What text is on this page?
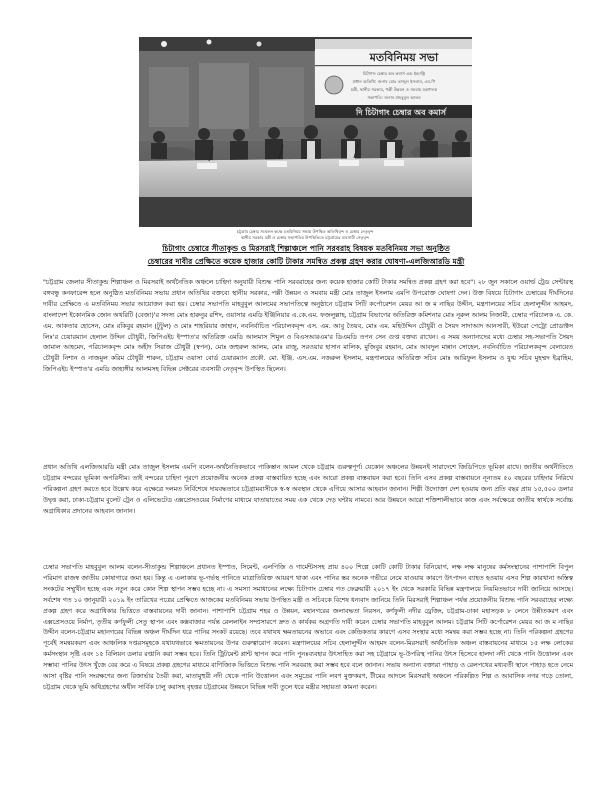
মতবিনিময় সভা
চিটাগাং চেম্বার অব কমার্স এন্ড ইন্ডাস্ট্রি
প্রধান অতিথি: জনাব মোঃ তাজুল ইসলাম, এম.পি
মন্ত্রী, স্থানীয় সরকার, পল্লী উন্নয়ন ও সমবায় মন্ত্রণালয়
সভাপতি: জনাব মাহবুবুল আলম
দি চিটাগাং চেম্বার অব কমার্স
চট্টগ্রাম চেম্বার সম্মেলন কক্ষে মতবিনিময় সভায় উপস্থিত অতিথিবৃন্দ ও চেম্বার নেতৃবৃন্দ
স্থানীয় সরকার মন্ত্রী ও চেম্বার সভাপতির উপস্থিতিতে চট্টগ্রামের ব্যবসায়ী নেতৃবৃন্দ
চিটাগাং চেম্বারে সীতাকুন্ড ও মিরসরাই শিল্পাঞ্চলে পানি সরবরাহ বিষয়ক মতবিনিময় সভা অনুষ্ঠিত
চেম্বারের দাবীর প্রেক্ষিতে কয়েক হাজার কোটি টাকার সমন্বিত প্রকল্প গ্রহণ করার ঘোষণা-এলজিআরডি মন্ত্রী
"চট্টগ্রাম জেলার সীতাকুন্ড শিল্পাঞ্চল ও মিরসরাই অর্থনৈতিক অঞ্চলে চাহিদা অনুযায়ী বিশুদ্ধ পানি সরবরাহের জন্য কয়েক হাজার কোটি টাকার সমন্বিত প্রকল্প গ্রহণ করা হবে"। ২৮ জুন সকালে ওয়ার্ল্ড ট্রেড সেন্টারস্থ বঙ্গবন্ধু কনফারেন্স হলে অনুষ্ঠিত মতবিনিময় সভায় প্রধান অতিথির বক্তব্যে স্থানীয় সরকার, পল্লী উন্নয়ন ও সমবায় মন্ত্রী মোঃ তাজুল ইসলাম এমপি উপরোক্ত ঘোষণা দেন। উক্ত বিষয়ে চিটাগাং চেম্বারের দীর্ঘদিনের দাবীর প্রেক্ষিতে এ মতবিনিময় সভার আয়োজন করা হয়। চেম্বার সভাপতি মাহবুবুল আলমের সভাপতিত্বে অনুষ্ঠানে চট্টগ্রাম সিটি কর্পোরেশন মেয়র আ জ ম নাছির উদ্দীন, মন্ত্রণালয়ের সচিব হেলালুদ্দীন আহমদ, বাংলাদেশ ইকোনমিক জোন অথরিটি (বেজা)'র সদস্য মোঃ হারুনুর রশিদ, ওয়াসার এমডি ইঞ্জিনিয়ার এ.কে.এম. ফজলুল্লাহ, চট্টগ্রাম বিভাগের অতিরিক্ত কমিশনার মোঃ নূরুল আলম নিজামী, চেম্বার পরিচালক এ. কে. এম. আকতার হোসেন, মোঃ রকিবুর রহমান (টুটুল) ও মোঃ শাহরিয়ার জাহান, নবনির্বাচিত পরিচালকবৃন্দ এস. এম. আবু তৈয়ব, মোঃ এম. মহিউদ্দিন চৌধুরী ও সৈয়দ সাদাআদ আনসারী, ইউরো পেট্রো প্রোডাক্টস লিঃ'র চেয়ারম্যান হেলাল উদ্দিন চৌধুরী, জিপিএইচ ইস্পাত'র অতিরিক্ত এমডি আলমাস শিমুল ও বিএসআরএম'র ডিএমডি তপন সেন গুপ্ত বক্তব্য রাখেন। এ সময় অন্যান্যদের মধ্যে চেম্বার সহ-সভাপতি সৈয়দ জামাল আহমেদ, পরিচালকবৃন্দ মোঃ অহীদ সিরাজ চৌধুরী (স্বপন), মোঃ জহুরুল আলম, মোঃ রাজু, সরওয়ার হাসান মালিক, মুজিবুর রহমান, মোঃ আবদুল মান্নান সোহেল, নবনির্বাচিত পরিচালকবৃন্দ বেলায়েত চৌধুরী নিশান ও নাজমুল করিম চৌধুরী শারুন, চট্টগ্রাম ওয়াসা বোর্ড চেয়ারম্যান প্রকৌ. মো. ইঞ্জি. এস.এম. নজরুল ইসলাম, মন্ত্রণালয়ের অতিরিক্ত সচিব মোঃ আরিফুল ইসলাম ও যুগ্ম সচিব মুহম্মদ ইব্রাহিম, জিপিএইচ ইস্পাত'র এমডি জাহাঙ্গীর আলমসহ বিভিন্ন সেক্টরের ব্যবসায়ী নেতৃবৃন্দ উপস্থিত ছিলেন।
প্রধান অতিথি এলজিআরডি মন্ত্রী মোঃ তাজুল ইসলাম এমপি বলেন-অর্থনৈতিকভাবে পাকিস্তান আমল থেকে চট্টগ্রাম গুরুত্বপূর্ণ। যেকোন অঞ্চলের উন্নয়নই সারাদেশে জিডিপিতে ভূমিকা রাখে। জাতীয় অর্থনীতিতে চট্টগ্রাম বন্দরের ভূমিকা অপরিসীম। তাই বন্দরের চাহিদা পূরণে প্রয়োজনীয় অনেক প্রকল্প বাস্তবায়িত হচ্ছে এবং আরো প্রকল্প বাস্তবায়ন করা হবে। তিনি এসব প্রকল্প বাস্তবায়নে নূন্যতম ৫০ বছরের চাহিদার নিরিখে পরিকল্পনা গ্রহণ করতে হবে উল্লেখ করে এক্ষেত্রে দলমত নির্বিশেষে দায়বদ্ধতাবে চট্টগ্রামবাসীকে স্ব-স্ব অবস্থান থেকে এগিয়ে আসার আহবান জানান। শিল্পী উদ্যোক্তা দেশ হওয়ায় জন্য প্রতি বছর প্রায় ১৫,৫০০ ডলার উদ্বৃত্ত করা, ঢাকা-চট্টগ্রাম বুলেট ট্রেন ও এলিভেটেড এক্সপ্রেসওয়ের নির্মাণের মাধ্যমে যাতায়াতের সময় এক থেকে দেড় ঘন্টায় নামবে। আর উন্নয়নে আরো শক্তিশালীভাবে কাজ এবং সর্বক্ষেত্রে জাতীয় স্বার্থকে সর্বোচ্চ অগ্রাধিকার প্রদানের আহবান জানান।
চেম্বার সভাপতি মাহবুবুল আলম বলেন-সীতাকুন্ড শিল্পাঞ্চলে প্রধানত ইস্পাত, সিমেন্ট, এলপিজি ও গার্মেন্টসসহ প্রায় ৪০০ শিল্পে কোটি কোটি টাকার বিনিয়োগ, লক্ষ লক্ষ মানুষের কর্মসংস্থানের পাশাপাশি বিপুল পরিমাণ রাজস্ব জাতীয় কোষাগারে জমা হয়। কিন্তু এ এলাকায় ভূ-গর্ভস্থ পানিতে মাত্রাতিরিক্ত আয়রণ থাকা এবং পানির স্তর অনেক গভীরে নেমে যাওয়ায় কারণে উৎপাদন ব্যাহত হওয়ায় এসব শিল্প কারখানা অস্তিত্ব সংকটের সম্মুখীন হচ্ছে এবং নতুন করে কোন শিল্প স্থাপন সম্ভব হচ্ছে না। এ সমস্যা সমাধানের লক্ষ্যে চিটাগাং চেম্বার গত ফেব্রুয়ারী ২০১৭ ইং থেকে সরকারি বিভিন্ন মন্ত্রণালয়ে নিয়মিতভাবে দাবী জানিয়ে আসছে। সর্বশেষ গত ১০ জানুয়ারী ২০১৯ ইং তারিখের পত্রের প্রেক্ষিতে আজকের মতবিনিময় সভায় উপস্থিত মন্ত্রী ও সচিবকে বিশেষ ধন্যবাদ জানিয়ে তিনি মিরসরাই শিল্পাঞ্চল পর্যন্ত প্রয়োজনীয় বিশুদ্ধ পানি সরবরাহের লক্ষ্যে প্রকল্প গ্রহণ করে অগ্রাধিকার ভিত্তিতে বাস্তবায়নের দাবী জানান। পাশাপাশি চট্টগ্রাম শহর ও উন্নয়ন, মহানগরের জলাবদ্ধতা নিরসন, কর্ণফুলী নদীর ড্রেজিং, চট্টগ্রাম-ঢাকা মহাসড়ক ৮ লেনে উন্নীতকরণ এবং এক্সপ্রেসওয়ে নির্মাণ, তৃতীয় কর্ণফুলী সেতু স্থাপন এবং কক্সবাজার পর্যন্ত রেললাইন সম্প্রসারণে দ্রুত ও কার্যকর অগ্রগতি দাবী করেন চেম্বার সভাপতি মাহবুবুল আলম। চট্টগ্রাম সিটি কর্পোরেশন মেয়র আ জ ম নাছির উদ্দীন বলেন-চট্টগ্রাম মহানগরের বিভিন্ন অঞ্চল দীর্ঘদিন ধরে পানির সংকট রয়েছে। তবে যথাযথ ক্ষমতায়নের অভাবে এবং কেন্দ্রিকতার কারণে এসব সংস্থার মধ্যে সমন্বয় করা সম্ভব হচ্ছে না। তিনি পরিকল্পনা গ্রহণের পূর্বেই সমন্বয়করণ এবং আঞ্চলিক দপ্তরসমূহকে যথাযথভাবে ক্ষমতায়নের উপর গুরুত্বারোপ করেন। মন্ত্রণালয়ের সচিব হেলালুদ্দীন আহমদ বলেন-মিরসরাই অর্থনৈতিক অঞ্চল বাস্তবায়নের মাধ্যমে ১৫ লক্ষ লোকের কর্মসংস্থান সৃষ্টি এবং ১৫ বিলিয়ন ডলার রপ্তানি করা সম্ভব হবে। তিনি ট্রিটমেন্ট প্লান্ট স্থাপন করে পানি পুনঃব্যবহার উৎসাহিত করা সহ চট্টগ্রামে ভূ-উপরিস্থ পানির উৎস হিসেবে হালদা নদী থেকে পানি উত্তোলন এবং সম্ভাব্য পানির উৎস খুঁজে বের করে এ বিষয়ে প্রকল্প গ্রহণের মাধ্যমে বাণিজ্যিক ভিত্তিতে বিশুদ্ধ পানি সরবরাহ করা সম্ভব হবে বলে জানান। সভায় অন্যান্য বক্তারা পাহাড় ও রেলপথের মধ্যবর্তী স্থানে পাহাড় হতে নেমে আসা বৃষ্টির পানি সংরক্ষণের জন্য রিজার্ভার তৈরী করা, মাতামুহুরী নদী থেকে পানি উত্তোলন এবং সমুদ্রের পানি লবণ মুক্তকরণ, টীমের আদলে মিরসরাই অঞ্চলে পরিকল্পিত শিল্প ও আবাসিক নগর গড়ে তোলা, চট্টগ্রাম থেকে ভূমি অধিগ্রহণের অধীন সার্বিক চালু করাসহ বৃহত্তর চট্টগ্রামের উন্নয়নে বিভিন্ন দাবী তুলে ধরে মন্ত্রীর সহায়তা কামনা করেন।
